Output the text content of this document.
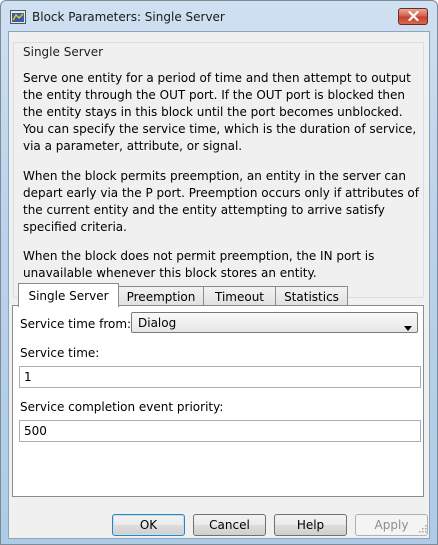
Block Parameters: Single Server
Single Server
Serve one entity for a period of time and then attempt to output the entity through the OUT port. If the OUT port is blocked then the entity stays in this block until the port becomes unblocked. You can specify the service time, which is the duration of service, via a parameter, attribute, or signal.
When the block permits preemption, an entity in the server can depart early via the P port. Preemption occurs only if attributes of the current entity and the entity attempting to arrive satisfy specified criteria.
When the block does not permit preemption, the IN port is unavailable whenever this block stores an entity.
Single Server	Preemption	Timeout	Statistics
Service time from: Dialog
Service time:
1
Service completion event priority:
500
OK	Cancel	Help	Apply
